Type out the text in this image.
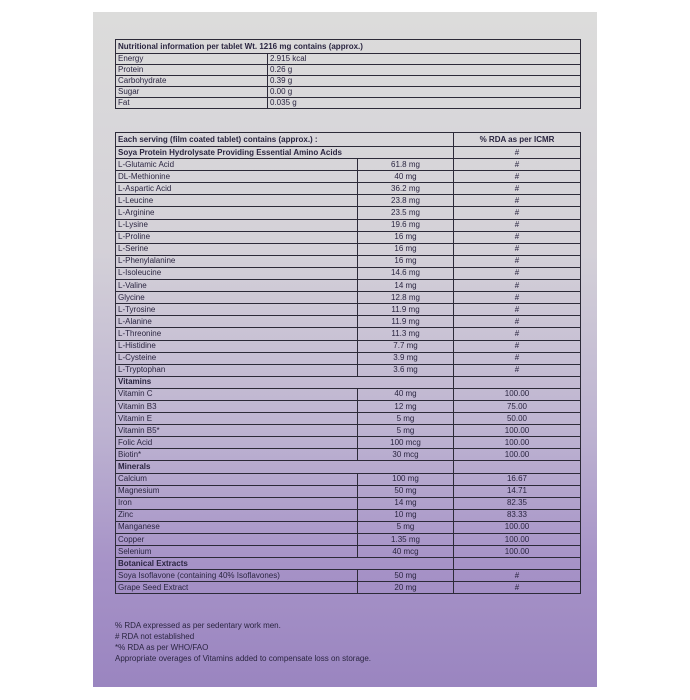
Nutritional information per tablet Wt. 1216 mg contains (approx.)	
Energy	2.915 kcal
Protein	0.26 g
Carbohydrate	0.39 g
Sugar	0.00 g
Fat	0.035 g
Each serving (film coated tablet) contains (approx.) :		% RDA as per ICMR
Soya Protein Hydrolysate Providing Essential Amino Acids		#
L-Glutamic Acid	61.8 mg	#
DL-Methionine	40 mg	#
L-Aspartic Acid	36.2 mg	#
L-Leucine	23.8 mg	#
L-Arginine	23.5 mg	#
L-Lysine	19.6 mg	#
L-Proline	16 mg	#
L-Serine	16 mg	#
L-Phenylalanine	16 mg	#
L-Isoleucine	14.6 mg	#
L-Valine	14 mg	#
Glycine	12.8 mg	#
L-Tyrosine	11.9 mg	#
L-Alanine	11.9 mg	#
L-Threonine	11.3 mg	#
L-Histidine	7.7 mg	#
L-Cysteine	3.9 mg	#
L-Tryptophan	3.6 mg	#
Vitamins		
Vitamin C	40 mg	100.00
Vitamin B3	12 mg	75.00
Vitamin E	5 mg	50.00
Vitamin B5*	5 mg	100.00
Folic Acid	100 mcg	100.00
Biotin*	30 mcg	100.00
Minerals		
Calcium	100 mg	16.67
Magnesium	50 mg	14.71
Iron	14 mg	82.35
Zinc	10 mg	83.33
Manganese	5 mg	100.00
Copper	1.35 mg	100.00
Selenium	40 mcg	100.00
Botanical Extracts		
Soya Isoflavone (containing 40% Isoflavones)	50 mg	#
Grape Seed Extract	20 mg	#
% RDA expressed as per sedentary work men.
# RDA not established
*% RDA as per WHO/FAO
Appropriate overages of Vitamins added to compensate loss on storage.
